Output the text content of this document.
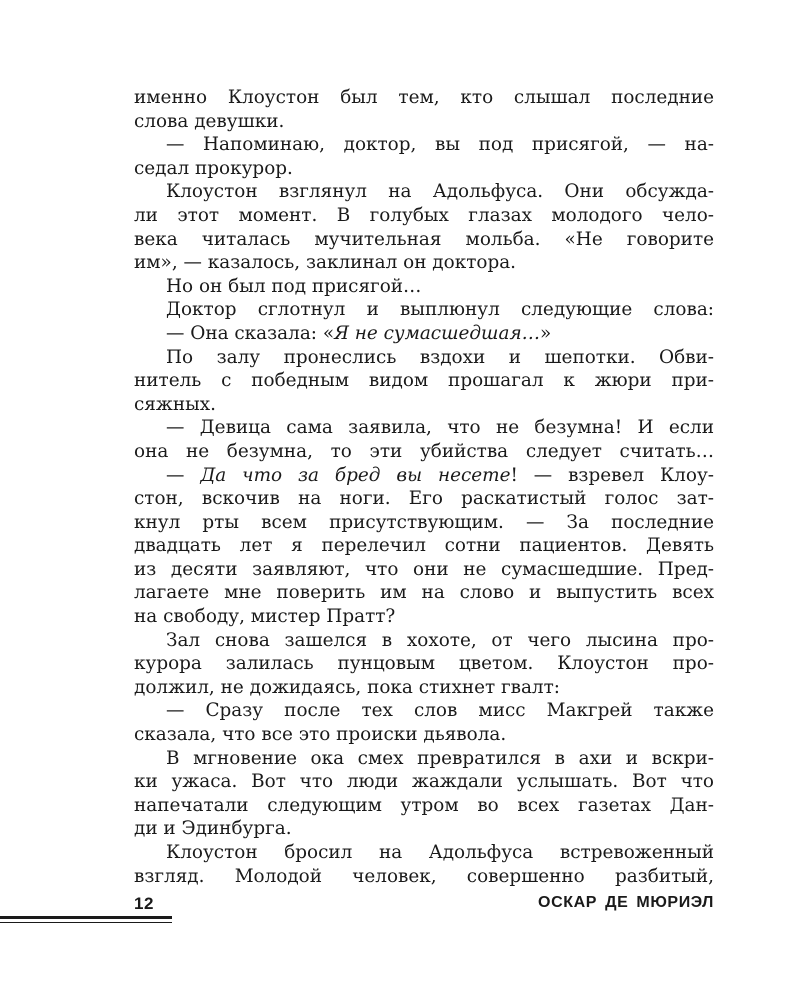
именно Клоустон был тем, кто слышал последние
слова девушки.
— Напоминаю, доктор, вы под присягой, — на-
седал прокурор.
Клоустон взглянул на Адольфуса. Они обсужда-
ли этот момент. В голубых глазах молодого чело-
века читалась мучительная мольба. «Не говорите
им», — казалось, заклинал он доктора.
Но он был под присягой…
Доктор сглотнул и выплюнул следующие слова:
— Она сказала: «Я не сумасшедшая…»
По залу пронеслись вздохи и шепотки. Обви-
нитель с победным видом прошагал к жюри при-
сяжных.
— Девица сама заявила, что не безумна! И если
она не безумна, то эти убийства следует считать…
— Да что за бред вы несете! — взревел Клоу-
стон, вскочив на ноги. Его раскатистый голос зат-
кнул рты всем присутствующим. — За последние
двадцать лет я перелечил сотни пациентов. Девять
из десяти заявляют, что они не сумасшедшие. Пред-
лагаете мне поверить им на слово и выпустить всех
на свободу, мистер Пратт?
Зал снова зашелся в хохоте, от чего лысина про-
курора залилась пунцовым цветом. Клоустон про-
должил, не дожидаясь, пока стихнет гвалт:
— Сразу после тех слов мисс Макгрей также
сказала, что все это происки дьявола.
В мгновение ока смех превратился в ахи и вскри-
ки ужаса. Вот что люди жаждали услышать. Вот что
напечатали следующим утром во всех газетах Дан-
ди и Эдинбурга.
Клоустон бросил на Адольфуса встревоженный
взгляд. Молодой человек, совершенно разбитый,
12	ОСКАР ДЕ МЮРИЭЛ
